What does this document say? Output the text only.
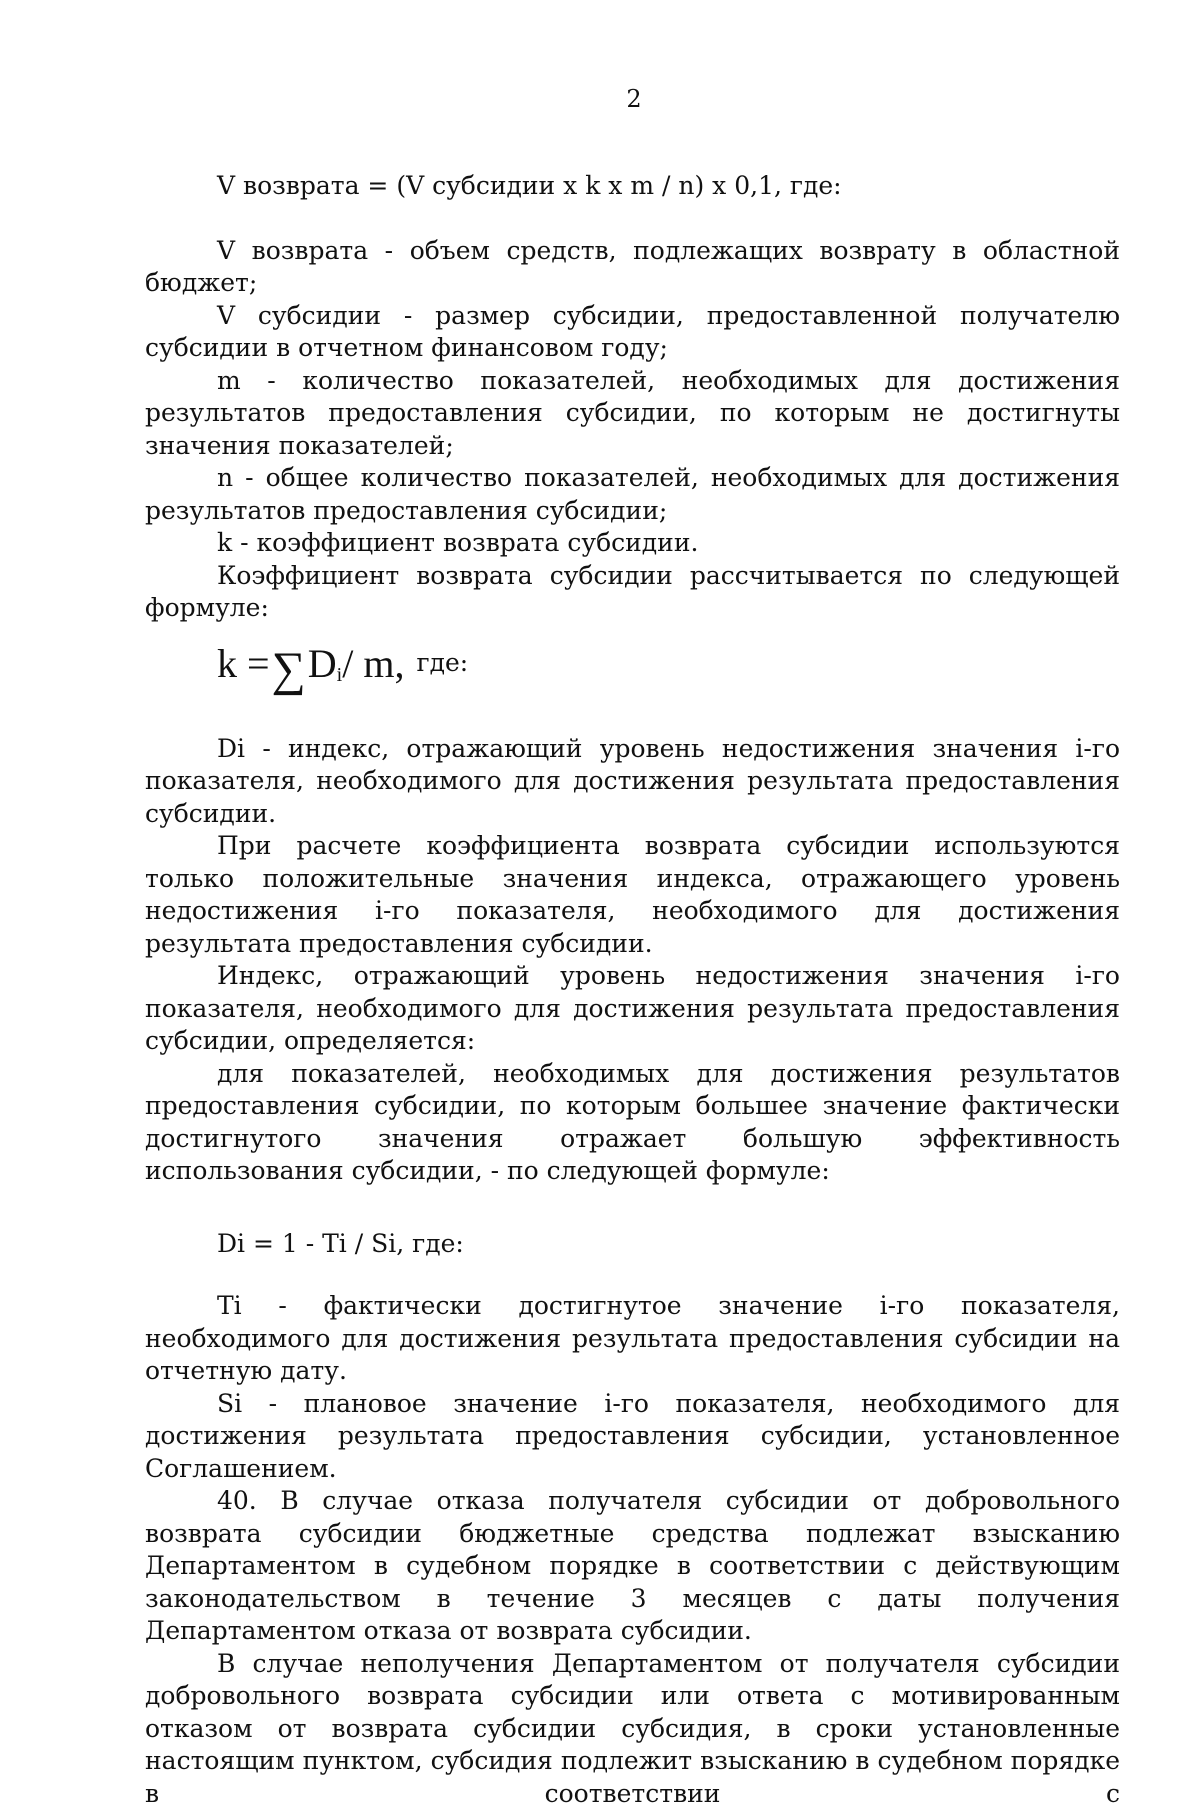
2

V возврата = (V субсидии x k x m / n) x 0,1, где:

V возврата - объем средств, подлежащих возврату в областной бюджет;

V субсидии - размер субсидии, предоставленной получателю субсидии в отчетном финансовом году;

m - количество показателей, необходимых для достижения результатов предоставления субсидии, по которым не достигнуты значения показателей;

n - общее количество показателей, необходимых для достижения результатов предоставления субсидии;

k - коэффициент возврата субсидии.

Коэффициент возврата субсидии рассчитывается по следующей формуле:

k = ∑ D i / m, где:

Di - индекс, отражающий уровень недостижения значения i-го показателя, необходимого для достижения результата предоставления субсидии.

При расчете коэффициента возврата субсидии используются только положительные значения индекса, отражающего уровень недостижения i-го показателя, необходимого для достижения результата предоставления субсидии.

Индекс, отражающий уровень недостижения значения i-го показателя, необходимого для достижения результата предоставления субсидии, определяется:

для показателей, необходимых для достижения результатов предоставления субсидии, по которым большее значение фактически достигнутого значения отражает большую эффективность использования субсидии, - по следующей формуле:

Di = 1 - Ti / Si, где:

Ti - фактически достигнутое значение i-го показателя, необходимого для достижения результата предоставления субсидии на отчетную дату.

Si - плановое значение i-го показателя, необходимого для достижения результата предоставления субсидии, установленное Соглашением.

40. В случае отказа получателя субсидии от добровольного возврата субсидии бюджетные средства подлежат взысканию Департаментом в судебном порядке в соответствии с действующим законодательством в течение 3 месяцев с даты получения Департаментом отказа от возврата субсидии.

В случае неполучения Департаментом от получателя субсидии добровольного возврата субсидии или ответа с мотивированным отказом от возврата субсидии субсидия, в сроки установленные настоящим пунктом, субсидия подлежит взысканию в судебном порядке в соответствии с
